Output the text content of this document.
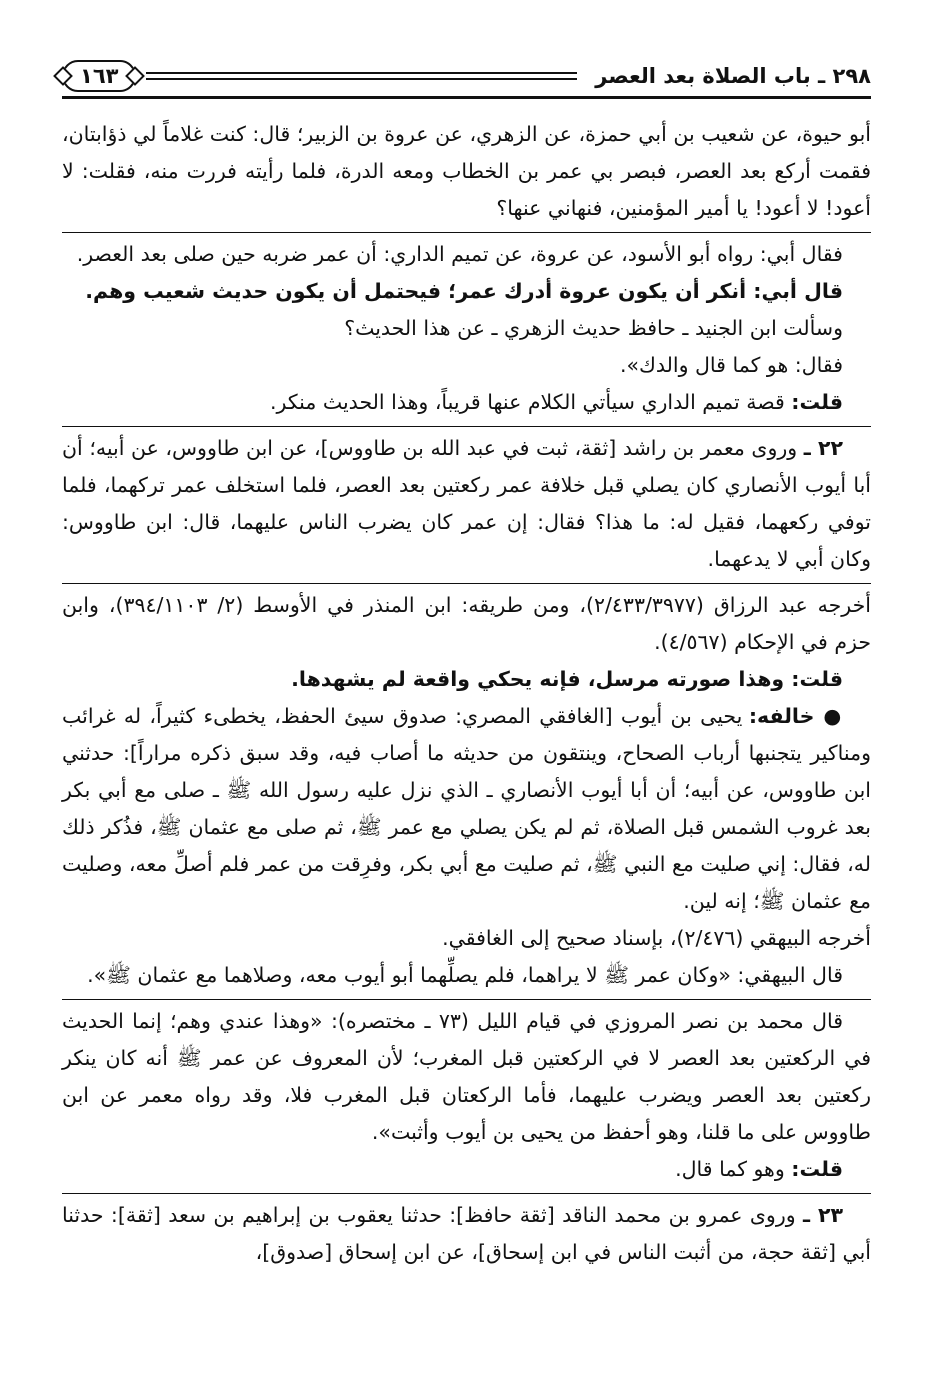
٢٩٨ ـ باب الصلاة بعد العصر
١٦٣

أبو حيوة، عن شعيب بن أبي حمزة، عن الزهري، عن عروة بن الزبير؛ قال: كنت غلاماً لي ذؤابتان، فقمت أركع بعد العصر، فبصر بي عمر بن الخطاب ومعه الدرة، فلما رأيته فررت منه، فقلت: لا أعود! لا أعود! يا أمير المؤمنين، فنهاني عنها؟

فقال أبي: رواه أبو الأسود، عن عروة، عن تميم الداري: أن عمر ضربه حين صلى بعد العصر.

قال أبي: أنكر أن يكون عروة أدرك عمر؛ فيحتمل أن يكون حديث شعيب وهم.

وسألت ابن الجنيد ـ حافظ حديث الزهري ـ عن هذا الحديث؟

فقال: هو كما قال والدك».

قلت: قصة تميم الداري سيأتي الكلام عنها قريباً، وهذا الحديث منكر.

٢٢ ـ وروى معمر بن راشد [ثقة، ثبت في عبد الله بن طاووس]، عن ابن طاووس، عن أبيه؛ أن أبا أيوب الأنصاري كان يصلي قبل خلافة عمر ركعتين بعد العصر، فلما استخلف عمر تركهما، فلما توفي ركعهما، فقيل له: ما هذا؟ فقال: إن عمر كان يضرب الناس عليهما، قال: ابن طاووس: وكان أبي لا يدعهما.

أخرجه عبد الرزاق (٢/٤٣٣/٣٩٧٧)، ومن طريقه: ابن المنذر في الأوسط (٢/ ٣٩٤/١١٠٣)، وابن حزم في الإحكام (٤/٥٦٧).

قلت: وهذا صورته مرسل، فإنه يحكي واقعة لم يشهدها.

● خالفه: يحيى بن أيوب [الغافقي المصري: صدوق سيئ الحفظ، يخطىء كثيراً، له غرائب ومناكير يتجنبها أرباب الصحاح، وينتقون من حديثه ما أصاب فيه، وقد سبق ذكره مراراً]: حدثني ابن طاووس، عن أبيه؛ أن أبا أيوب الأنصاري ـ الذي نزل عليه رسول الله ﷺ ـ صلى مع أبي بكر بعد غروب الشمس قبل الصلاة، ثم لم يكن يصلي مع عمر ﷺ، ثم صلى مع عثمان ﷺ، فذُكر ذلك له، فقال: إني صليت مع النبي ﷺ، ثم صليت مع أبي بكر، وفرِقت من عمر فلم أصلِّ معه، وصليت مع عثمان ﷺ؛ إنه لين.

أخرجه البيهقي (٢/٤٧٦)، بإسناد صحيح إلى الغافقي.

قال البيهقي: «وكان عمر ﷺ لا يراهما، فلم يصلِّهما أبو أيوب معه، وصلاهما مع عثمان ﷺ».

قال محمد بن نصر المروزي في قيام الليل (٧٣ ـ مختصره): «وهذا عندي وهم؛ إنما الحديث في الركعتين بعد العصر لا في الركعتين قبل المغرب؛ لأن المعروف عن عمر ﷺ أنه كان ينكر ركعتين بعد العصر ويضرب عليهما، فأما الركعتان قبل المغرب فلا، وقد رواه معمر عن ابن طاووس على ما قلنا، وهو أحفظ من يحيى بن أيوب وأثبت».

قلت: وهو كما قال.

٢٣ ـ وروى عمرو بن محمد الناقد [ثقة حافظ]: حدثنا يعقوب بن إبراهيم بن سعد [ثقة]: حدثنا أبي [ثقة حجة، من أثبت الناس في ابن إسحاق]، عن ابن إسحاق [صدوق]،
